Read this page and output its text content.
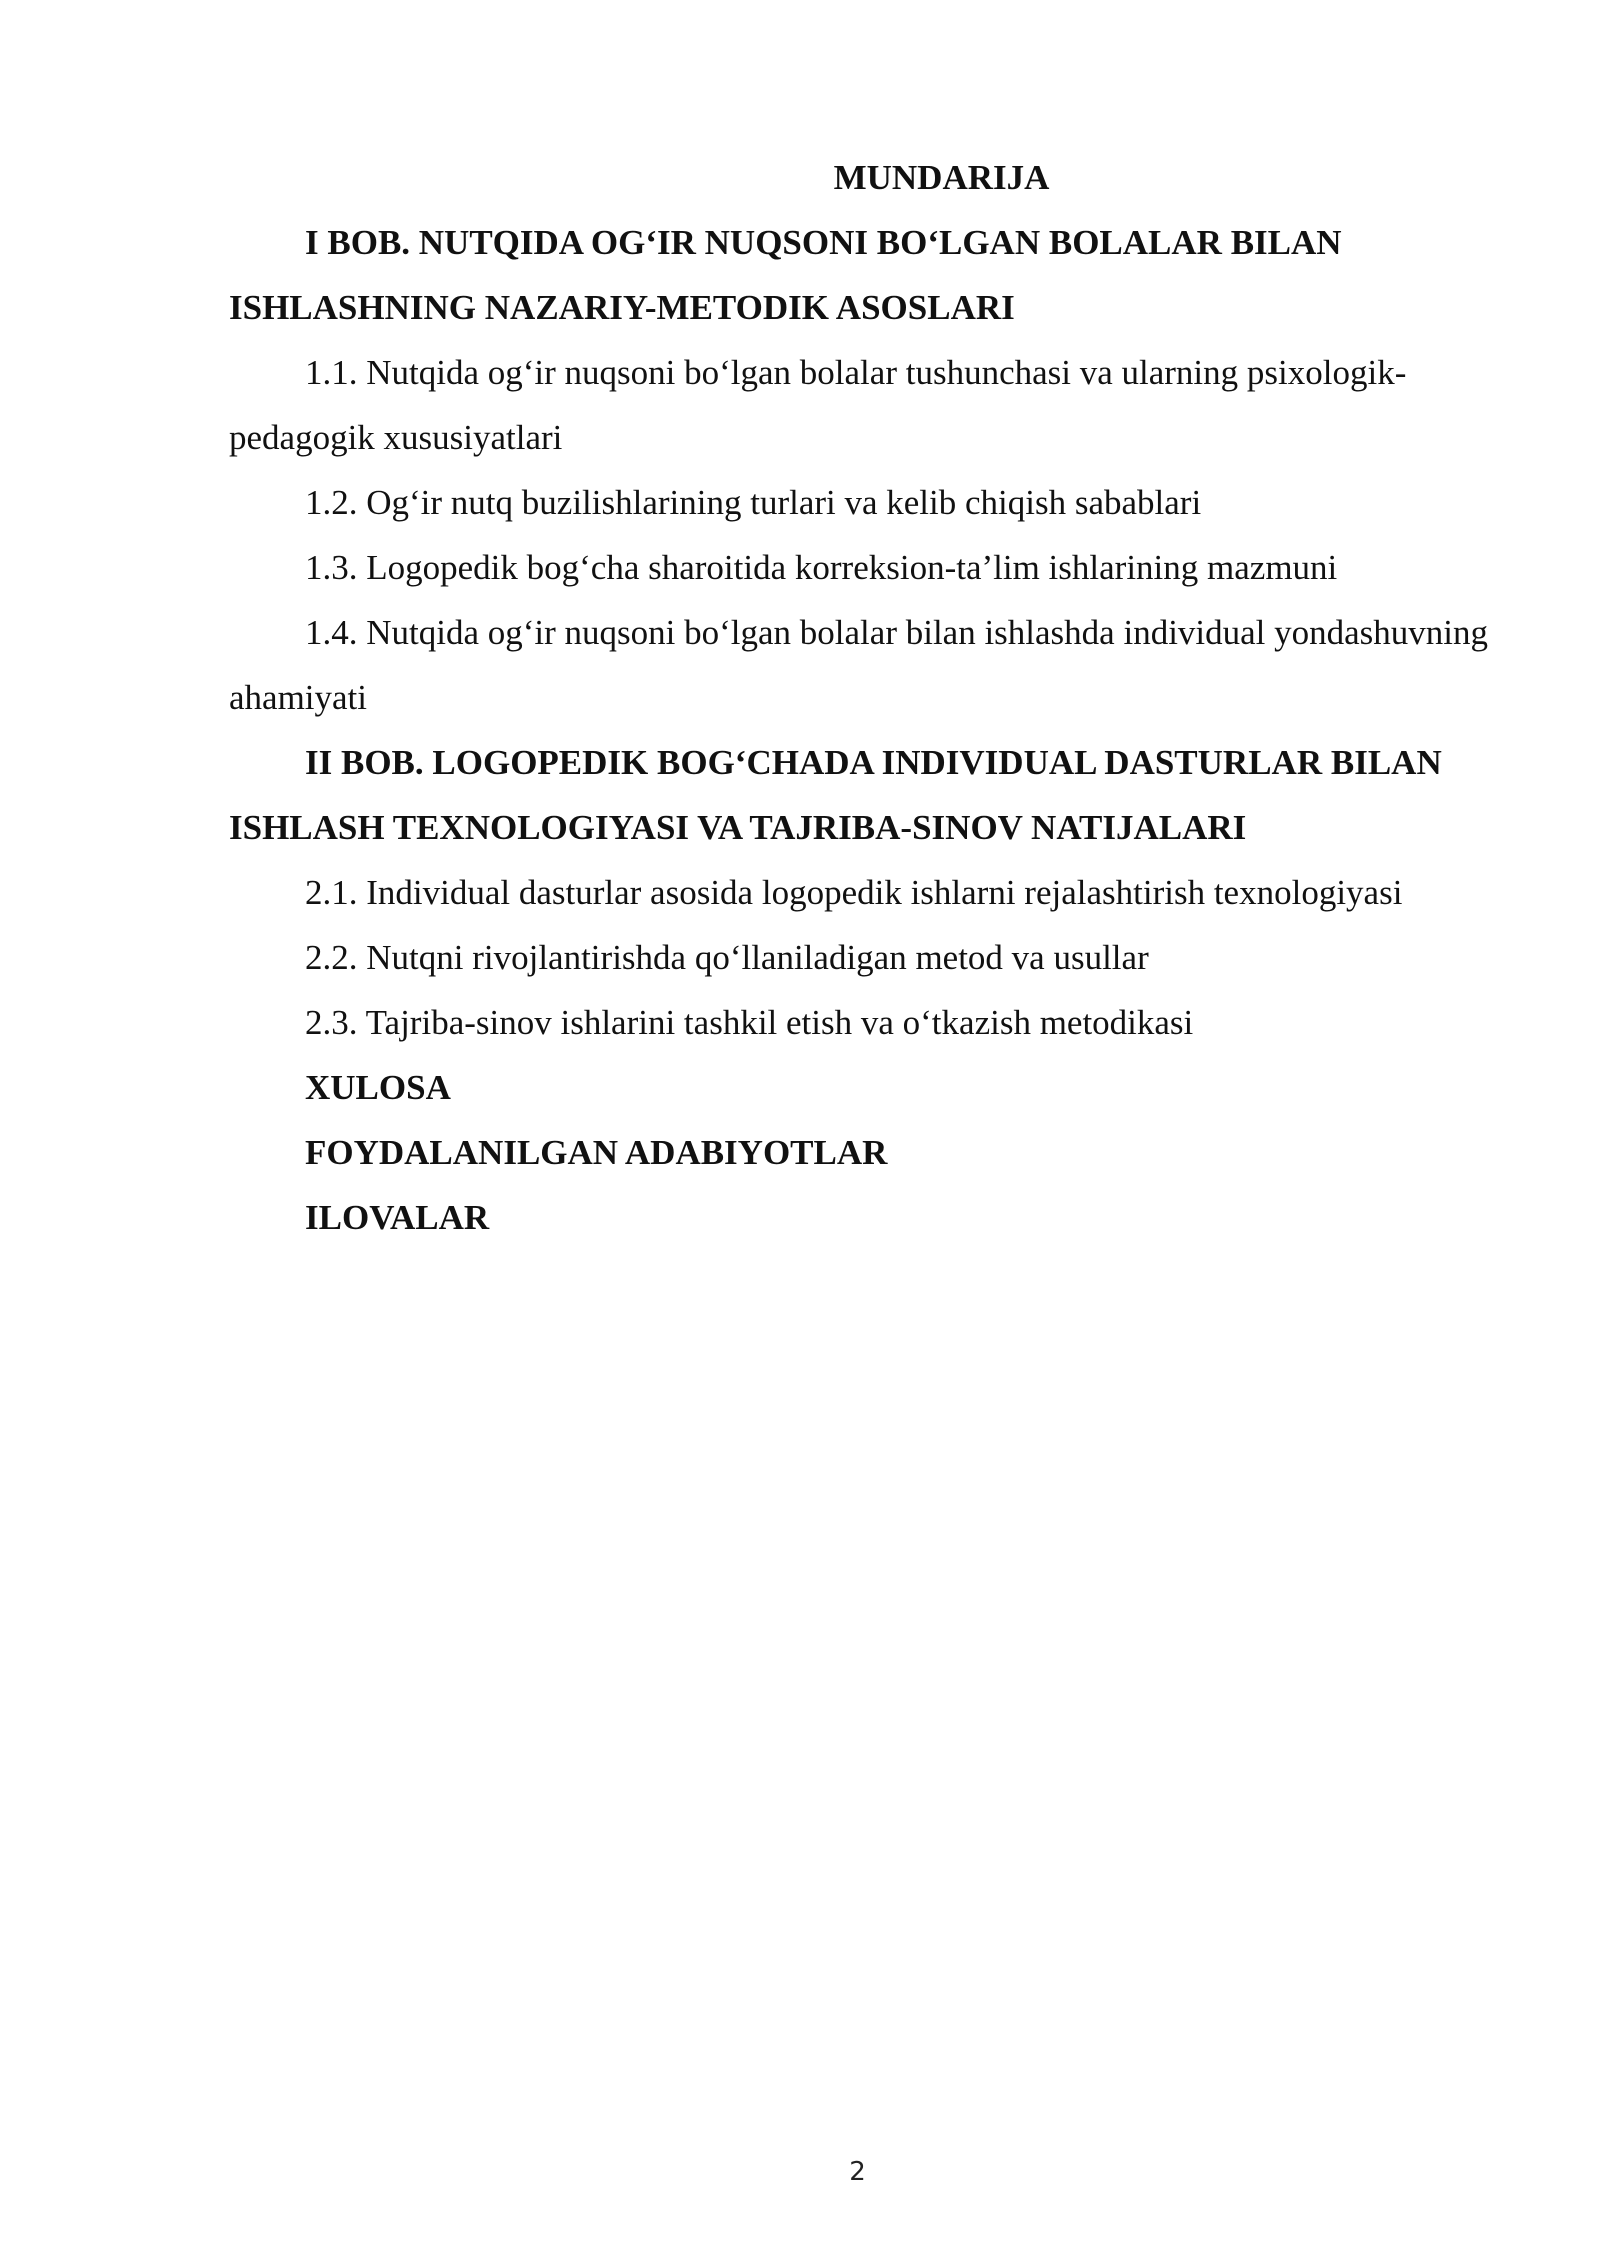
MUNDARIJA

I BOB. NUTQIDA OG‘IR NUQSONI BO‘LGAN BOLALAR BILAN ISHLASHNING NAZARIY-METODIK ASOSLARI

1.1. Nutqida og‘ir nuqsoni bo‘lgan bolalar tushunchasi va ularning psixologik-pedagogik xususiyatlari

1.2. Og‘ir nutq buzilishlarining turlari va kelib chiqish sabablari

1.3. Logopedik bog‘cha sharoitida korreksion-ta’lim ishlarining mazmuni

1.4. Nutqida og‘ir nuqsoni bo‘lgan bolalar bilan ishlashda individual yondashuvning ahamiyati

II BOB. LOGOPEDIK BOG‘CHADA INDIVIDUAL DASTURLAR BILAN ISHLASH TEXNOLOGIYASI VA TAJRIBA-SINOV NATIJALARI

2.1. Individual dasturlar asosida logopedik ishlarni rejalashtirish texnologiyasi

2.2. Nutqni rivojlantirishda qo‘llaniladigan metod va usullar

2.3. Tajriba-sinov ishlarini tashkil etish va o‘tkazish metodikasi

XULOSA

FOYDALANILGAN ADABIYOTLAR

ILOVALAR

2
